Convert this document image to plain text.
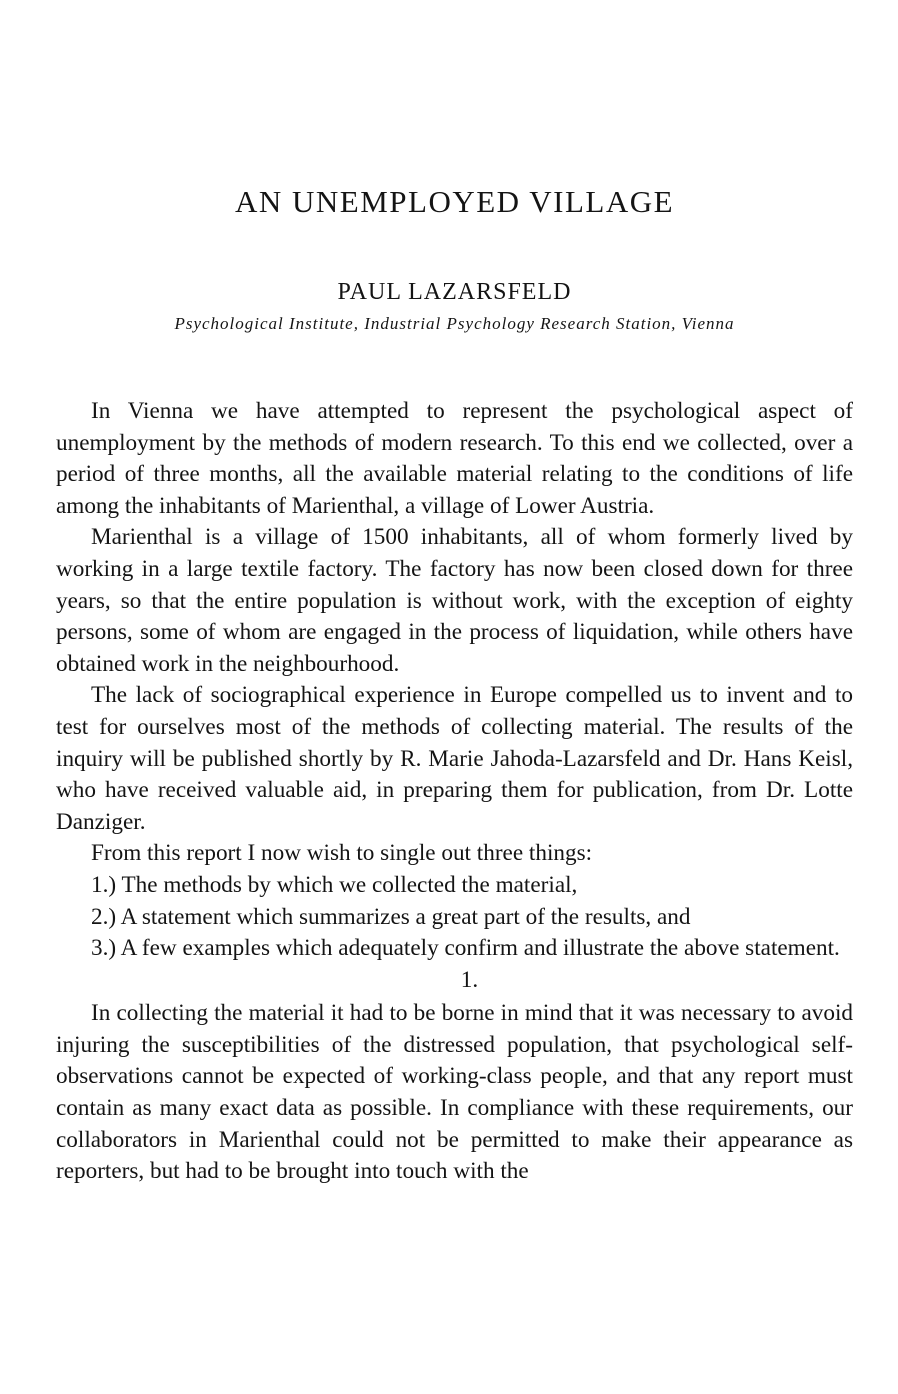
AN UNEMPLOYED VILLAGE
PAUL LAZARSFELD
Psychological Institute, Industrial Psychology Research Station, Vienna

In Vienna we have attempted to represent the psychological aspect of unemployment by the methods of modern research. To this end we collected, over a period of three months, all the available material relating to the conditions of life among the inhabitants of Marienthal, a village of Lower Austria.

Marienthal is a village of 1500 inhabitants, all of whom formerly lived by working in a large textile factory. The factory has now been closed down for three years, so that the entire population is without work, with the exception of eighty persons, some of whom are engaged in the process of liquidation, while others have obtained work in the neighbourhood.

The lack of sociographical experience in Europe compelled us to invent and to test for ourselves most of the methods of collecting material. The results of the inquiry will be published shortly by R. Marie Jahoda-Lazarsfeld and Dr. Hans Keisl, who have received valuable aid, in preparing them for publication, from Dr. Lotte Danziger.

From this report I now wish to single out three things:

1.) The methods by which we collected the material,

2.) A statement which summarizes a great part of the results, and

3.) A few examples which adequately confirm and illustrate the above statement.

1.

In collecting the material it had to be borne in mind that it was necessary to avoid injuring the susceptibilities of the distressed population, that psychological self-observations cannot be expected of working-class people, and that any report must contain as many exact data as possible. In compliance with these requirements, our collaborators in Marienthal could not be permitted to make their appearance as reporters, but had to be brought into touch with the
